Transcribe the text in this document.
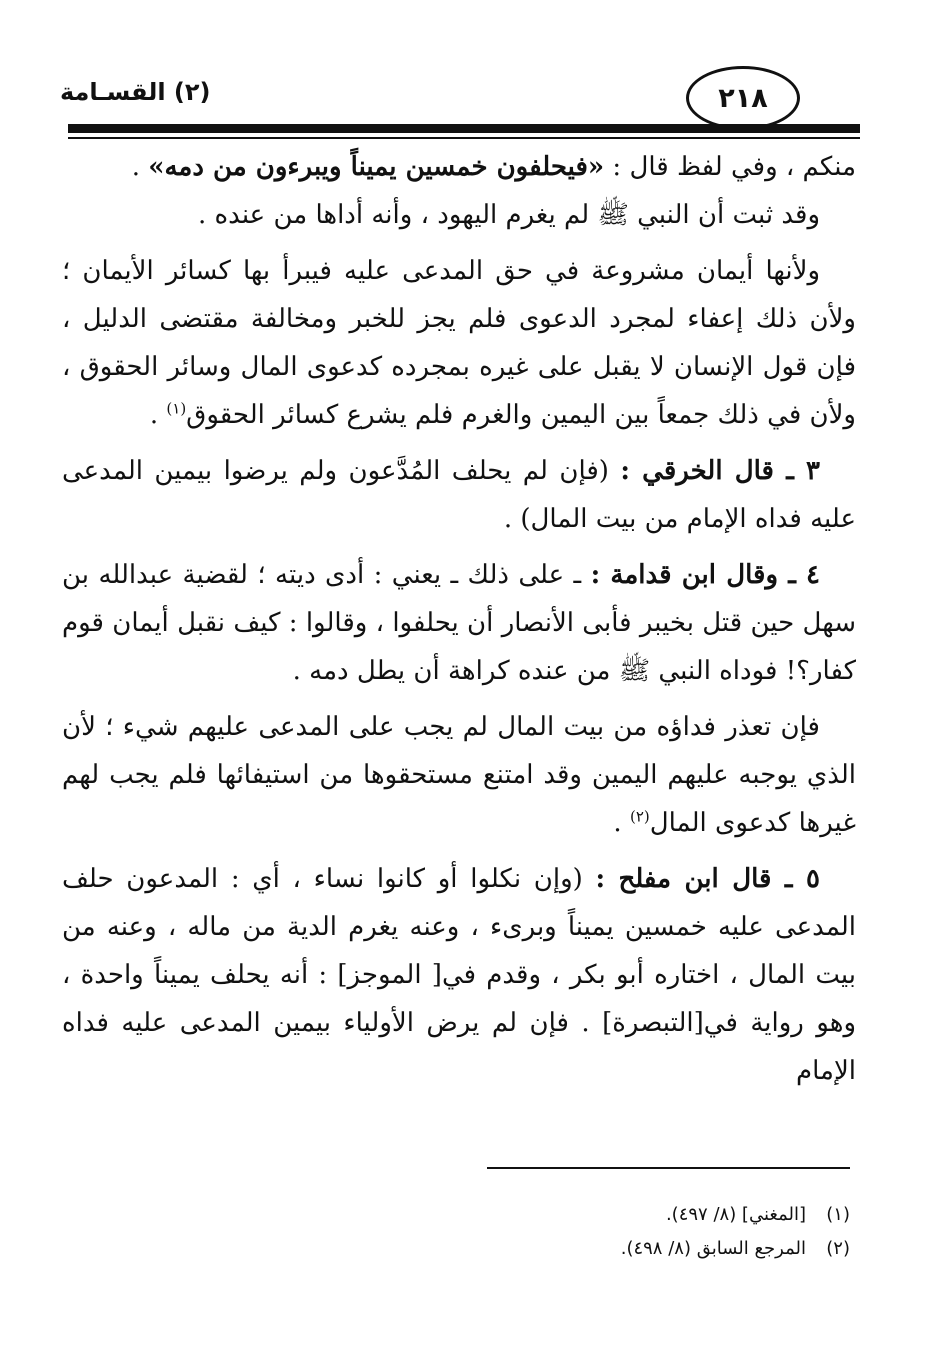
٢١٨
(٢) القسـامة

منكم ، وفي لفظ قال : «فيحلفون خمسين يميناً ويبرءون من دمه» .

وقد ثبت أن النبي ﷺ لم يغرم اليهود ، وأنه أداها من عنده .

ولأنها أيمان مشروعة في حق المدعى عليه فيبرأ بها كسائر الأيمان ؛ ولأن ذلك إعفاء لمجرد الدعوى فلم يجز للخبر ومخالفة مقتضى الدليل ، فإن قول الإنسان لا يقبل على غيره بمجرده كدعوى المال وسائر الحقوق ، ولأن في ذلك جمعاً بين اليمين والغرم فلم يشرع كسائر الحقوق$^{(١)}$ .

٣ ـ قال الخرقي : (فإن لم يحلف المُدَّعون ولم يرضوا بيمين المدعى عليه فداه الإمام من بيت المال) .

٤ ـ وقال ابن قدامة : ـ على ذلك ـ يعني : أدى ديته ؛ لقضية عبدالله بن سهل حين قتل بخيبر فأبى الأنصار أن يحلفوا ، وقالوا : كيف نقبل أيمان قوم كفار؟! فوداه النبي ﷺ من عنده كراهة أن يطل دمه .

فإن تعذر فداؤه من بيت المال لم يجب على المدعى عليهم شيء ؛ لأن الذي يوجبه عليهم اليمين وقد امتنع مستحقوها من استيفائها فلم يجب لهم غيرها كدعوى المال$^{(٢)}$ .

٥ ـ قال ابن مفلح : (وإن نكلوا أو كانوا نساء ، أي : المدعون حلف المدعى عليه خمسين يميناً وبرىء ، وعنه يغرم الدية من ماله ، وعنه من بيت المال ، اختاره أبو بكر ، وقدم في[ الموجز] : أنه يحلف يميناً واحدة ، وهو رواية في[التبصرة] . فإن لم يرض الأولياء بيمين المدعى عليه فداه الإمام

(١)[المغني] (٨/ ٤٩٧).
(٢)المرجع السابق (٨/ ٤٩٨).
